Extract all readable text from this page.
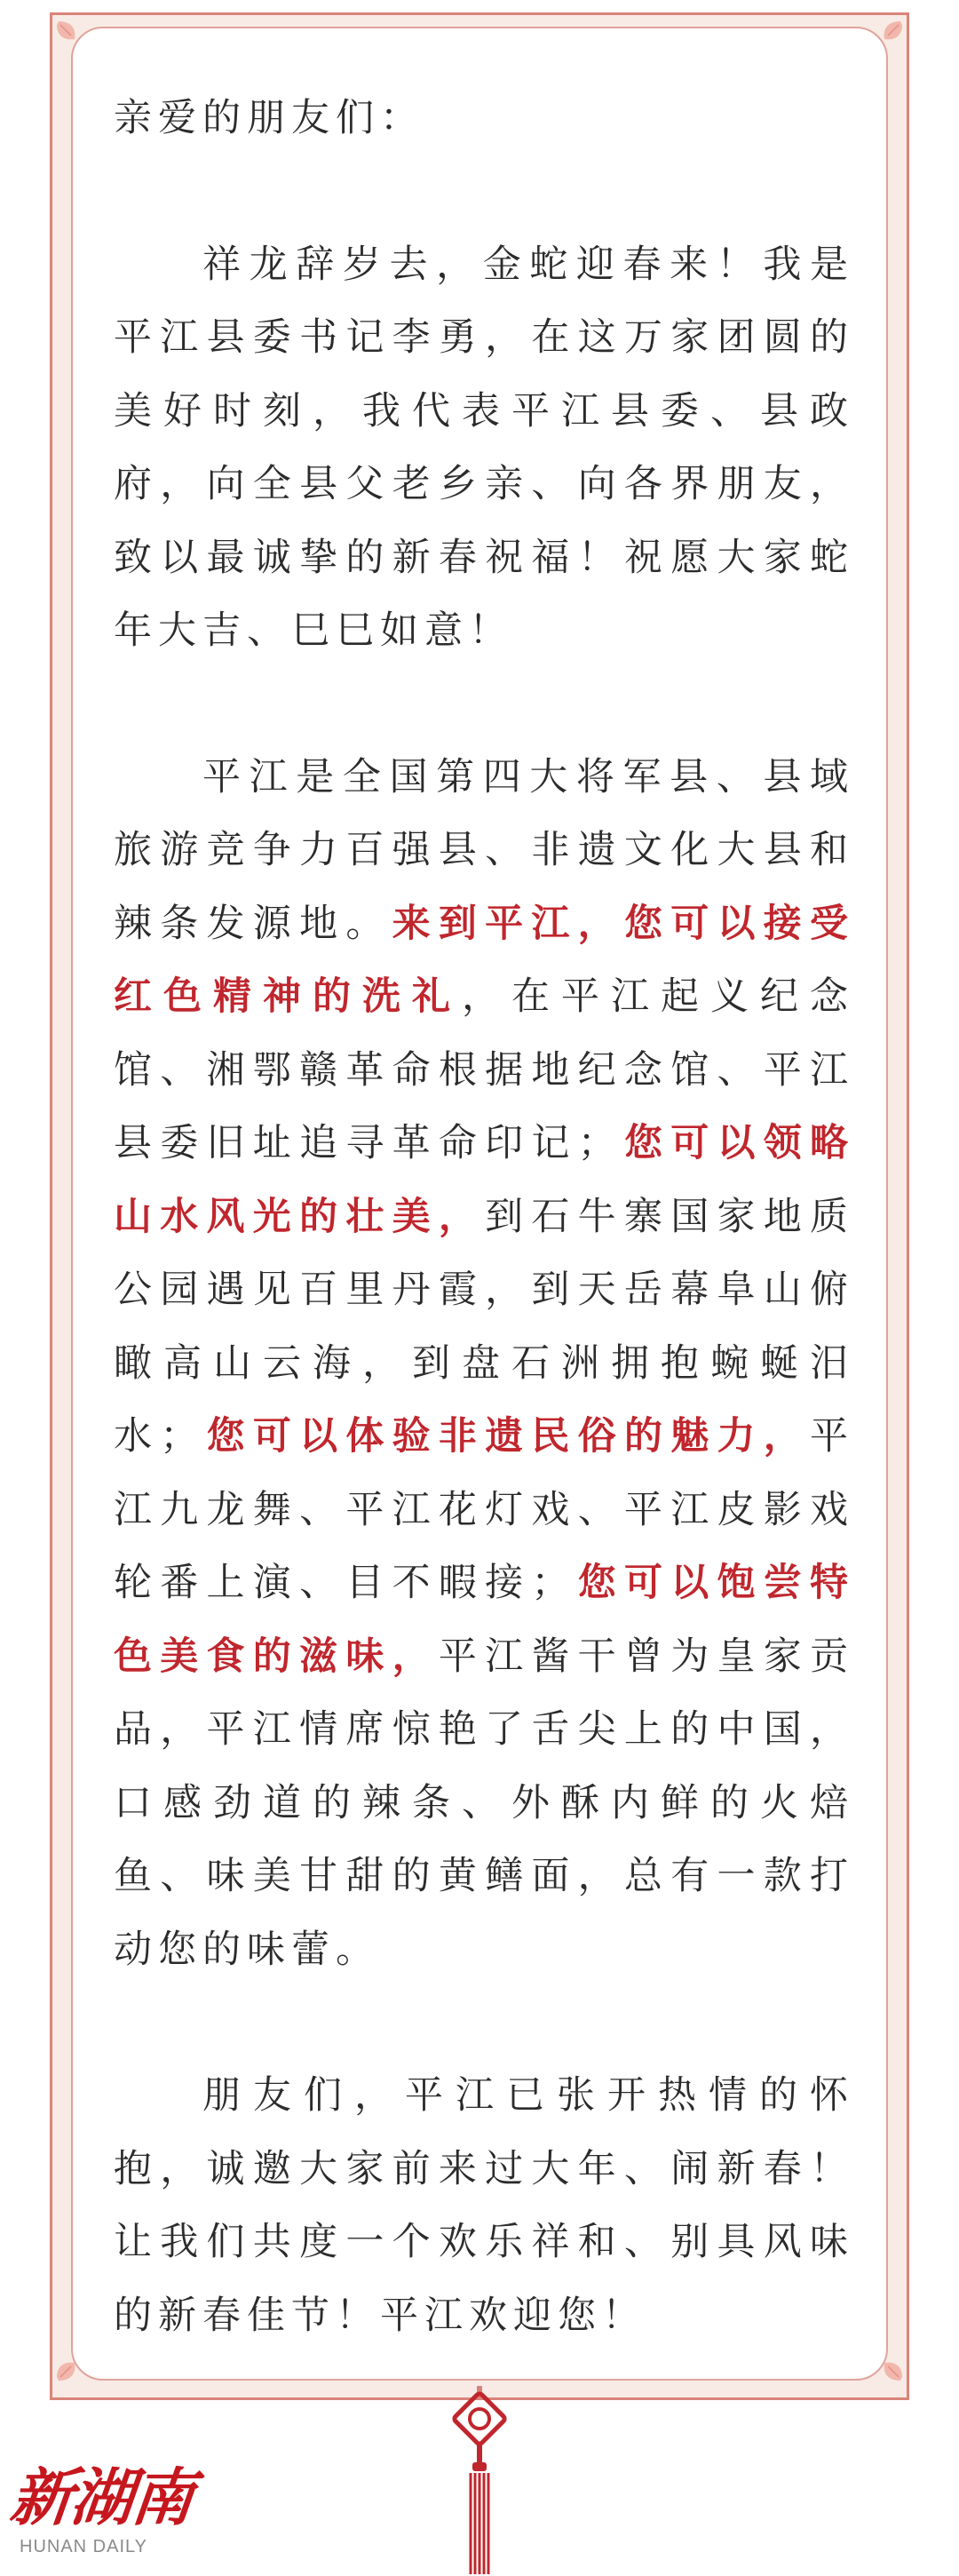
亲爱的朋友们：

祥龙辞岁去，金蛇迎春来！我是平江县委书记李勇，在这万家团圆的美好时刻，我代表平江县委、县政府，向全县父老乡亲、向各界朋友，致以最诚挚的新春祝福！祝愿大家蛇年大吉、巳巳如意！

平江是全国第四大将军县、县域旅游竞争力百强县、非遗文化大县和辣条发源地。来到平江，您可以接受红色精神的洗礼，在平江起义纪念馆、湘鄂赣革命根据地纪念馆、平江县委旧址追寻革命印记；您可以领略山水风光的壮美，到石牛寨国家地质公园遇见百里丹霞，到天岳幕阜山俯瞰高山云海，到盘石洲拥抱蜿蜒汨水；您可以体验非遗民俗的魅力，平江九龙舞、平江花灯戏、平江皮影戏轮番上演、目不暇接；您可以饱尝特色美食的滋味，平江酱干曾为皇家贡品，平江情席惊艳了舌尖上的中国，口感劲道的辣条、外酥内鲜的火焙鱼、味美甘甜的黄鳝面，总有一款打动您的味蕾。

朋友们，平江已张开热情的怀抱，诚邀大家前来过大年、闹新春！让我们共度一个欢乐祥和、别具风味的新春佳节！平江欢迎您！

新湖南
HUNAN DAILY
